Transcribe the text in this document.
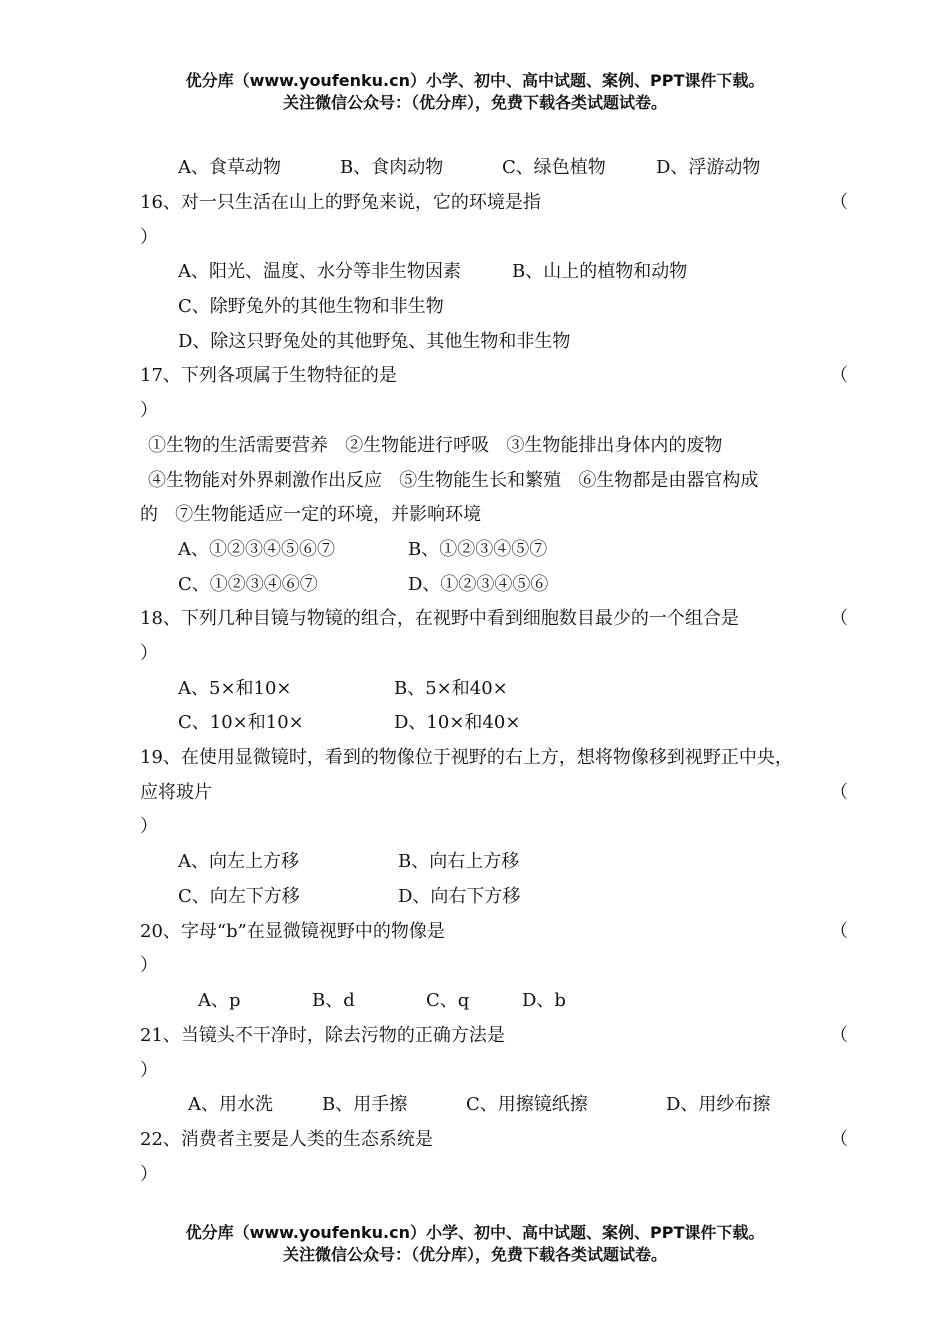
优分库（www.youfenku.cn）小学、初中、高中试题、案例、PPT课件下载。
关注微信公众号：（优分库），免费下载各类试题试卷。
A、食草动物	B、食肉动物	C、绿色植物	D、浮游动物
16、对一只生活在山上的野兔来说，它的环境是指	（
）
A、阳光、温度、水分等非生物因素	B、山上的植物和动物
C、除野兔外的其他生物和非生物
D、除这只野兔处的其他野兔、其他生物和非生物
17、下列各项属于生物特征的是	（
）
①生物的生活需要营养   ②生物能进行呼吸   ③生物能排出身体内的废物
④生物能对外界刺激作出反应   ⑤生物能生长和繁殖   ⑥生物都是由器官构成
的   ⑦生物能适应一定的环境，并影响环境
A、①②③④⑤⑥⑦	B、①②③④⑤⑦
C、①②③④⑥⑦	D、①②③④⑤⑥
18、下列几种目镜与物镜的组合，在视野中看到细胞数目最少的一个组合是	（
）
A、5×和10×	B、5×和40×
C、10×和10×	D、10×和40×
19、在使用显微镜时，看到的物像位于视野的右上方，想将物像移到视野正中央，
应将玻片	（
）
A、向左上方移	B、向右上方移
C、向左下方移	D、向右下方移
20、字母“b”在显微镜视野中的物像是	（
）
A、p	B、d	C、q	D、b
21、当镜头不干净时，除去污物的正确方法是	（
）
A、用水洗	B、用手擦	C、用擦镜纸擦	D、用纱布擦
22、消费者主要是人类的生态系统是	（
）
优分库（www.youfenku.cn）小学、初中、高中试题、案例、PPT课件下载。
关注微信公众号：（优分库），免费下载各类试题试卷。
